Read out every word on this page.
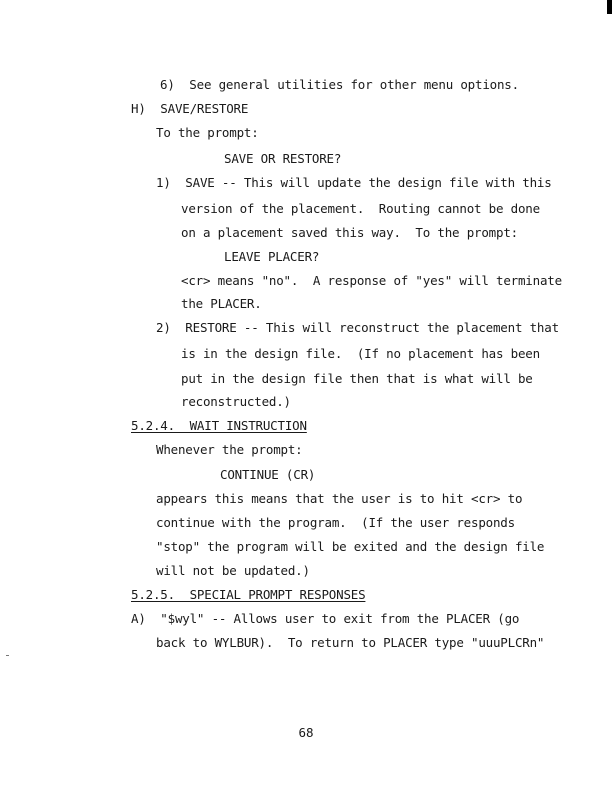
6)  See general utilities for other menu options.
H)  SAVE/RESTORE
To the prompt:
SAVE OR RESTORE?
1)  SAVE -- This will update the design file with this
version of the placement.  Routing cannot be done
on a placement saved this way.  To the prompt:
LEAVE PLACER?
<cr> means "no".  A response of "yes" will terminate
the PLACER.
2)  RESTORE -- This will reconstruct the placement that
is in the design file.  (If no placement has been
put in the design file then that is what will be
reconstructed.)
5.2.4.  WAIT INSTRUCTION
Whenever the prompt:
CONTINUE (CR)
appears this means that the user is to hit <cr> to
continue with the program.  (If the user responds
"stop" the program will be exited and the design file
will not be updated.)
5.2.5.  SPECIAL PROMPT RESPONSES
A)  "$wyl" -- Allows user to exit from the PLACER (go
back to WYLBUR).  To return to PLACER type "uuuPLCRn"
68
